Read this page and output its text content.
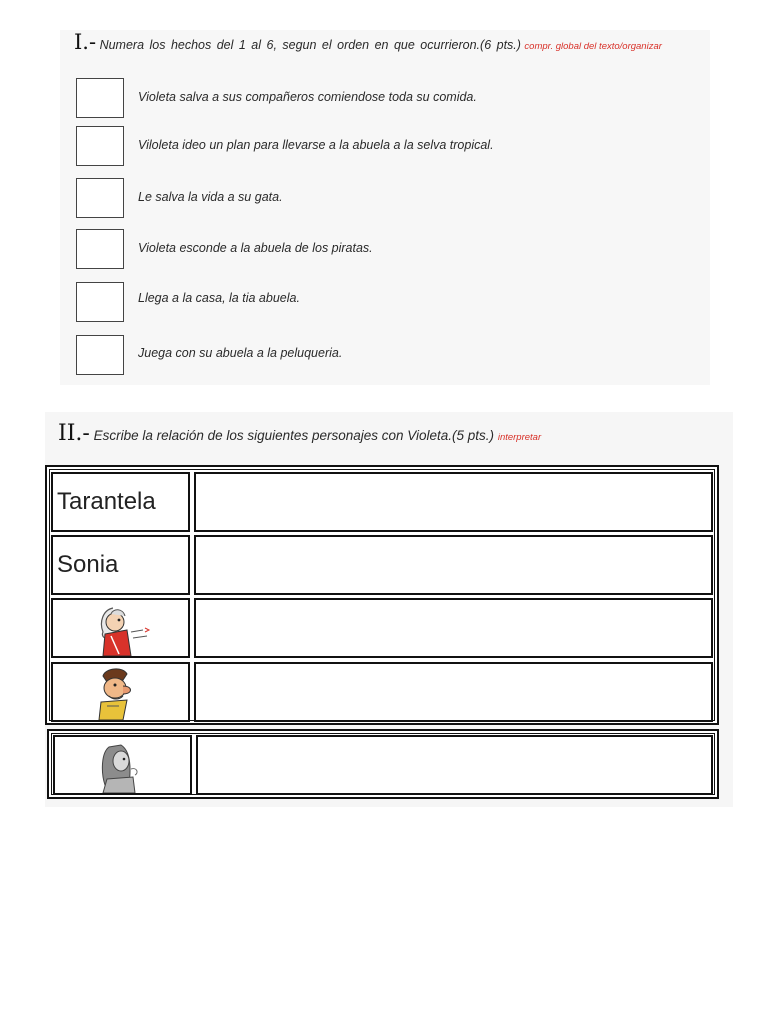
I.- Numera los hechos del 1 al 6, segun el orden en que ocurrieron.(6 pts.) compr. global del texto/organizar
Violeta salva a sus compañeros comiendose toda su comida.
Viloleta ideo un plan para llevarse a la abuela a la selva tropical.
Le salva la vida a su gata.
Violeta esconde a la abuela de los piratas.
Llega a la casa, la tia abuela.
Juega con su abuela a la peluqueria.
II.- Escribe la relación de los siguientes personajes con Violeta.(5 pts.) interpretar
Tarantela
Sonia
